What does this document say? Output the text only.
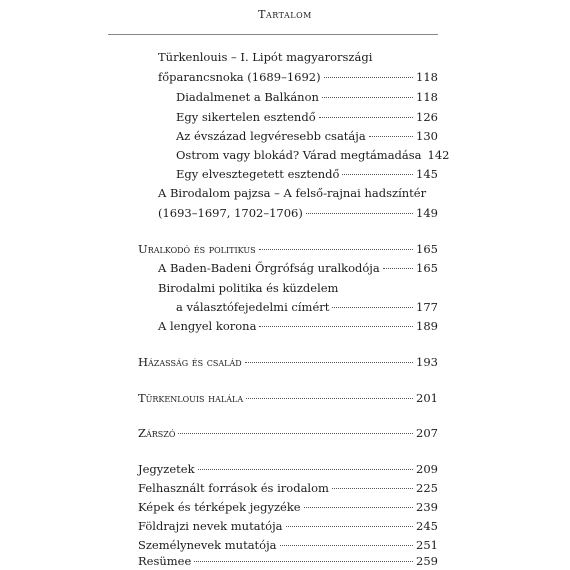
Tartalom
Türkenlouis – I. Lipót magyarországi
főparancsnoka (1689–1692)	118
Diadalmenet a Balkánon	118
Egy sikertelen esztendő	126
Az évszázad legvéresebb csatája	130
Ostrom vagy blokád? Várad megtámadása 142
Egy elvesztegetett esztendő	145
A Birodalom pajzsa – A felső-rajnai hadszíntér
(1693–1697, 1702–1706)	149
Uralkodó és politikus	165
A Baden-Badeni Őrgrófság uralkodója	165
Birodalmi politika és küzdelem
a választófejedelmi címért	177
A lengyel korona	189
Házasság és család	193
Türkenlouis halála	201
Zárszó	207
Jegyzetek	209
Felhasznált források és irodalom	225
Képek és térképek jegyzéke	239
Földrajzi nevek mutatója	245
Személynevek mutatója	251
Resümee	259
